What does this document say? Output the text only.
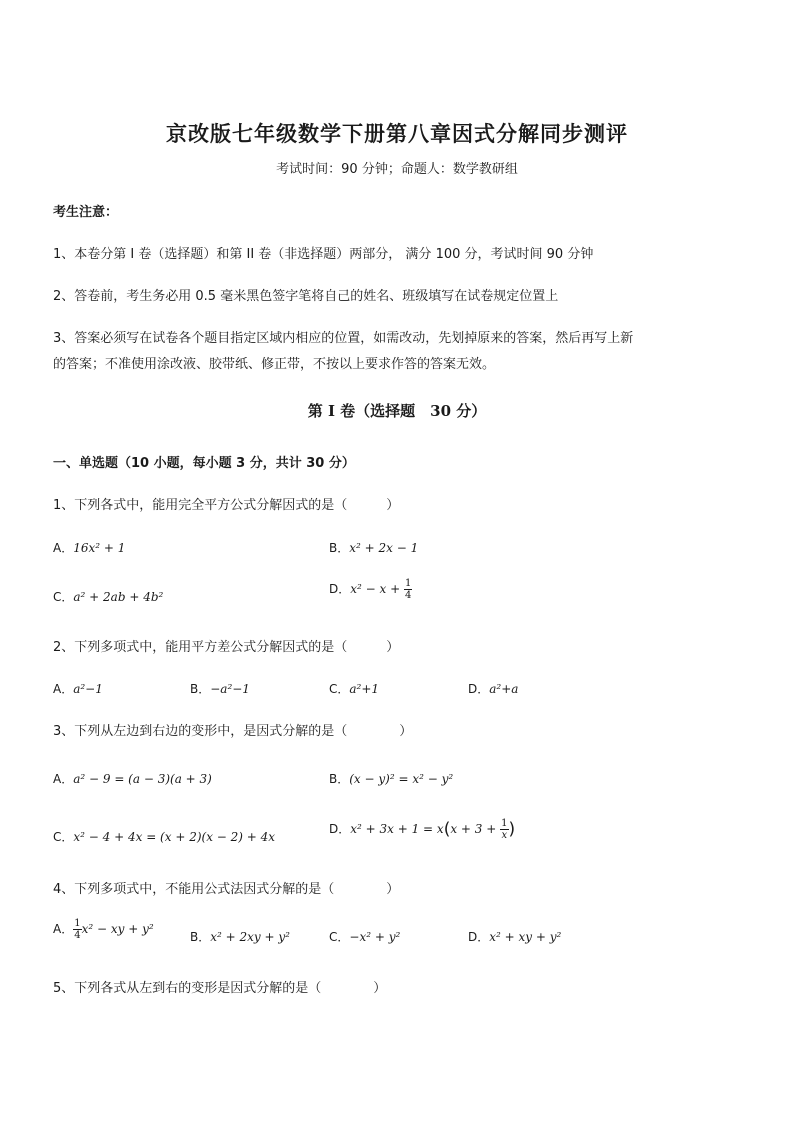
京改版七年级数学下册第八章因式分解同步测评
考试时间：90 分钟；命题人：数学教研组
考生注意：
1、本卷分第 I 卷（选择题）和第 II 卷（非选择题）两部分， 满分 100 分，考试时间 90 分钟
2、答卷前，考生务必用 0.5 毫米黑色签字笔将自己的姓名、班级填写在试卷规定位置上
3、答案必须写在试卷各个题目指定区域内相应的位置，如需改动，先划掉原来的答案，然后再写上新
的答案；不准使用涂改液、胶带纸、修正带，不按以上要求作答的答案无效。
第 I 卷（选择题　30 分）
一、单选题（10 小题，每小题 3 分，共计 30 分）
1、下列各式中，能用完全平方公式分解因式的是（　　　）
A．16x² + 1	B．x² + 2x − 1
C．a² + 2ab + 4b²
D．$x^2 - x + \frac{1}{4}$
2、下列多项式中，能用平方差公式分解因式的是（　　　）
A．a²−1	B．−a²−1	C．a²+1	D．a²+a
3、下列从左边到右边的变形中，是因式分解的是（　　　　）
A．a² − 9 = (a − 3)(a + 3)	B．(x − y)² = x² − y²
C．x² − 4 + 4x = (x + 2)(x − 2) + 4x
D．$x^2 + 3x + 1 = x(x + 3 + \frac{1}{x}$ )
4、下列多项式中，不能用公式法因式分解的是（　　　　）
A． $\frac{1}{4} x^2$ − xy + y²
B．x² + 2xy + y²	C．−x² + y²	D．x² + xy + y²
5、下列各式从左到右的变形是因式分解的是（　　　　）
